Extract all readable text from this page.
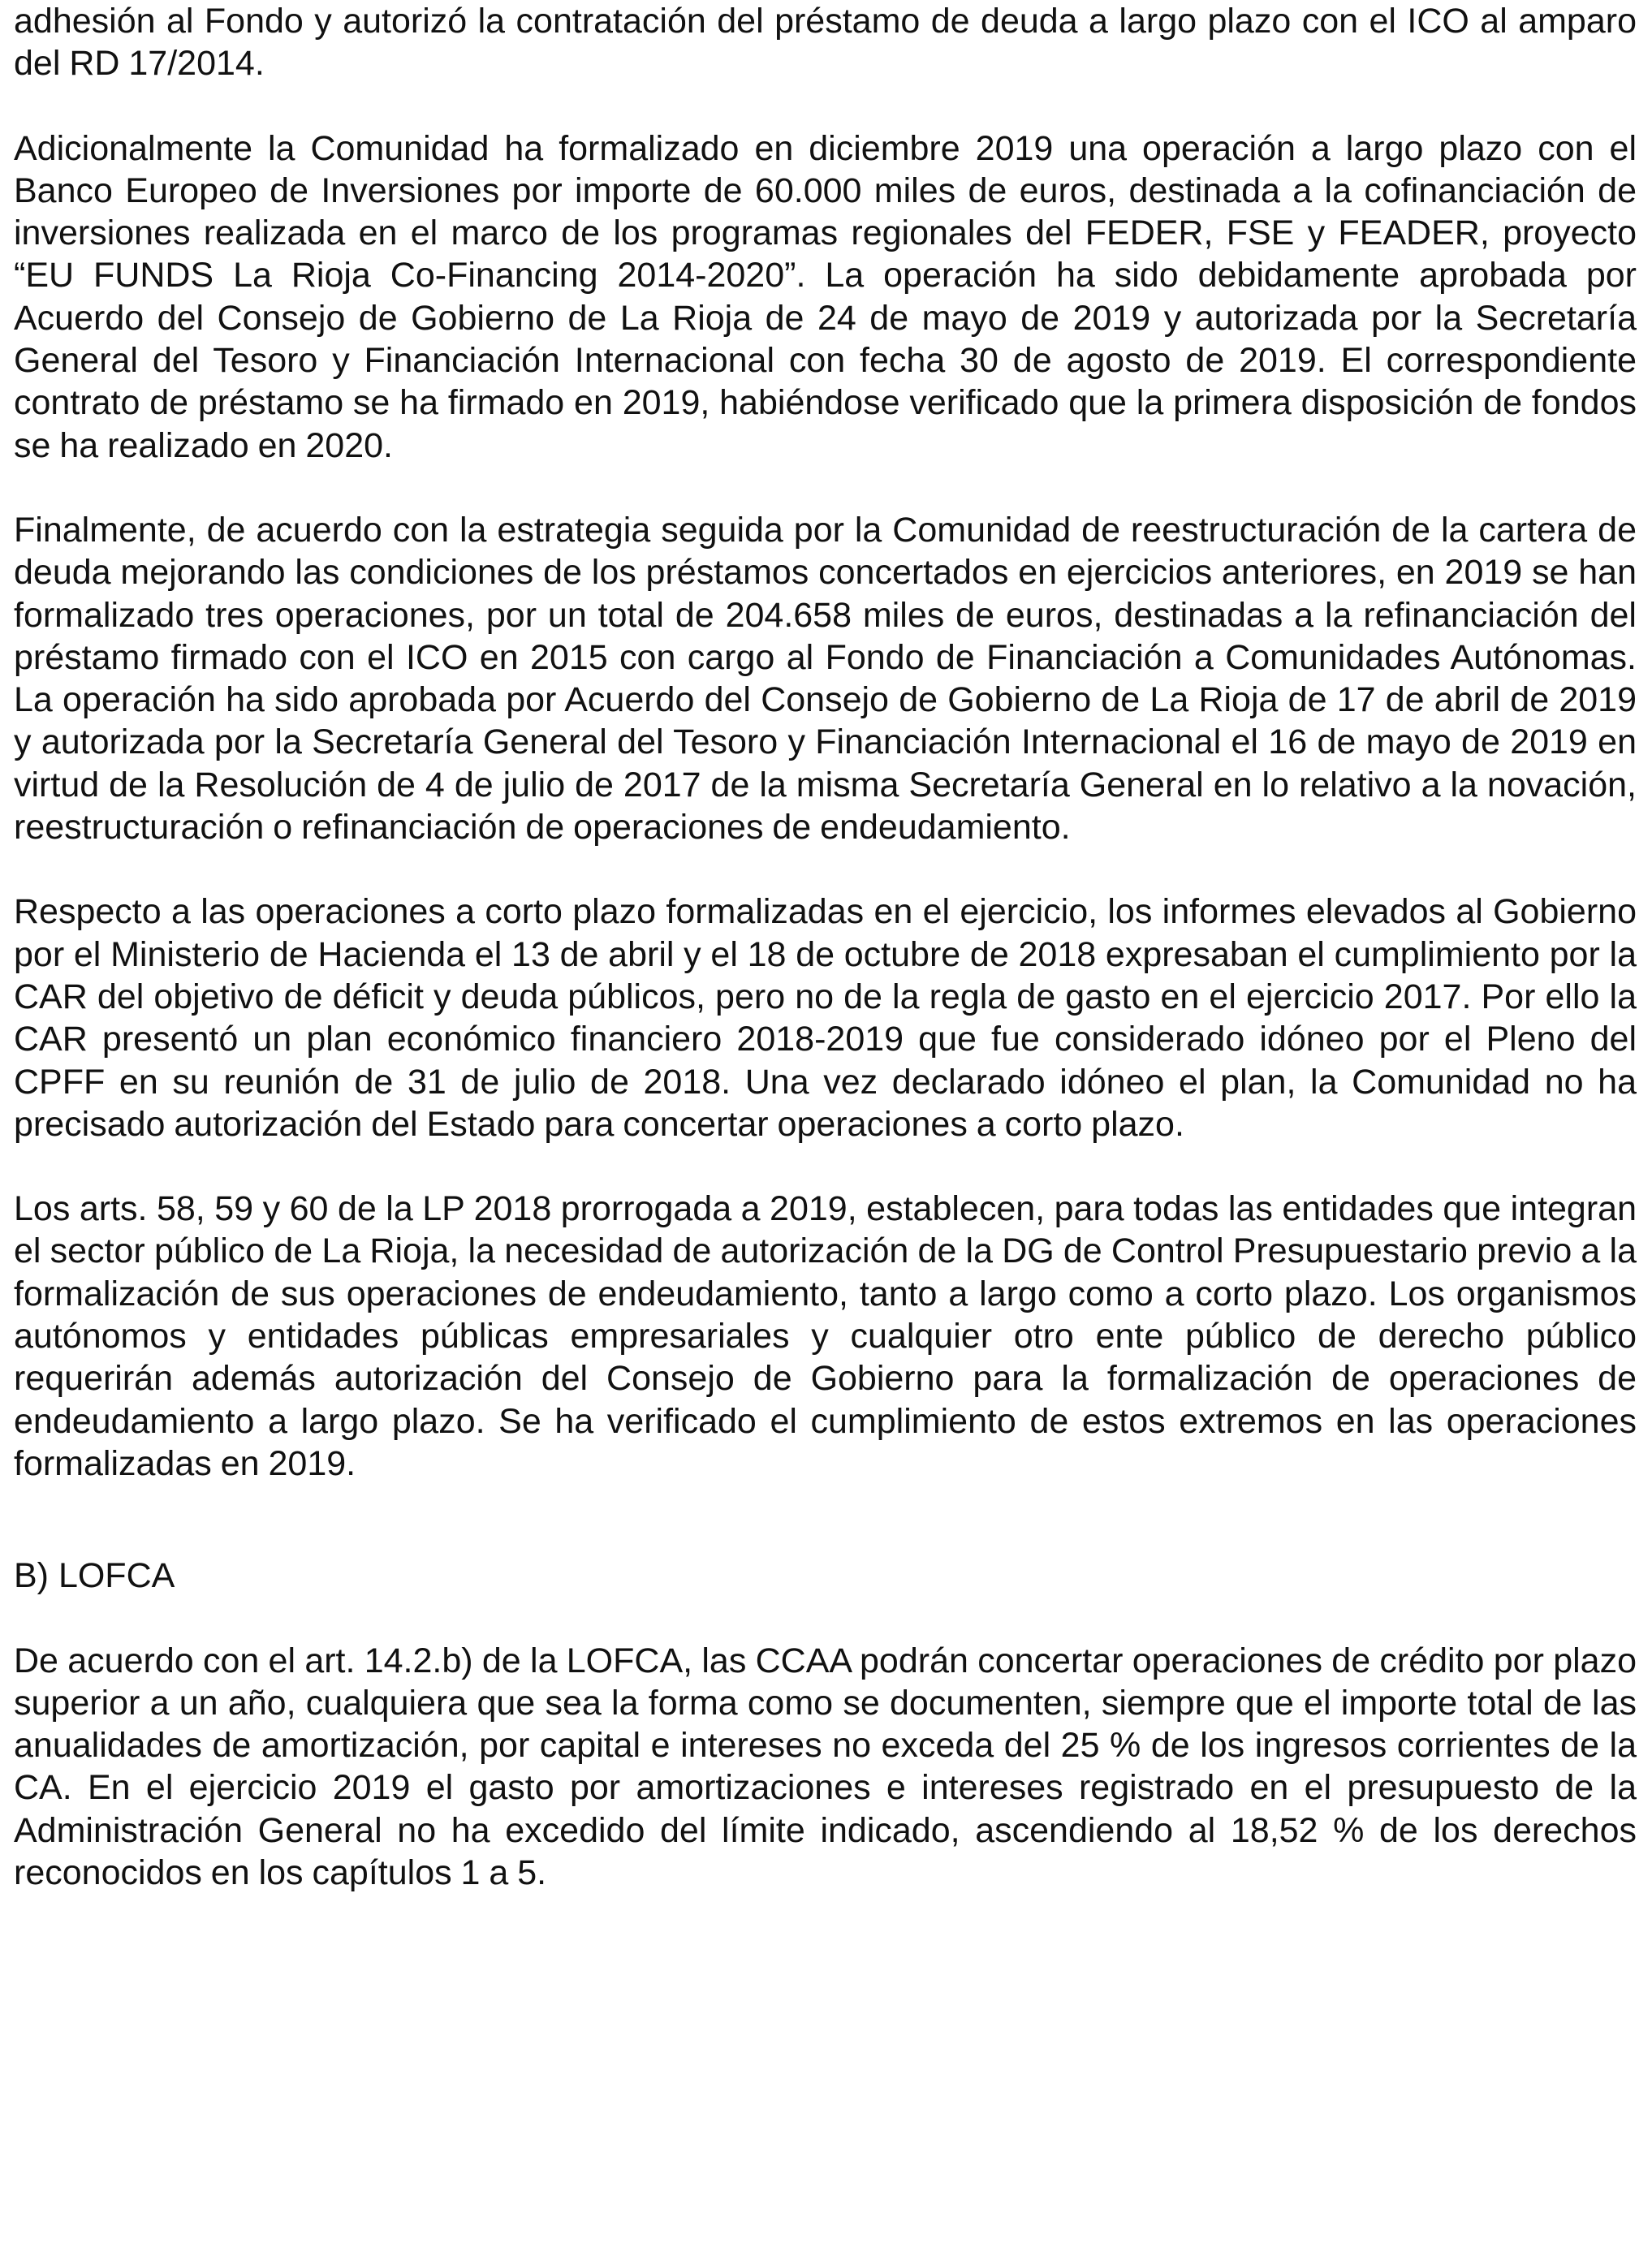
adhesión al Fondo y autorizó la contratación del préstamo de deuda a largo plazo con el ICO al amparo del RD 17/2014.

Adicionalmente la Comunidad ha formalizado en diciembre 2019 una operación a largo plazo con el Banco Europeo de Inversiones por importe de 60.000 miles de euros, destinada a la cofinanciación de inversiones realizada en el marco de los programas regionales del FEDER, FSE y FEADER, proyecto “EU FUNDS La Rioja Co-Financing 2014-2020”. La operación ha sido debidamente aprobada por Acuerdo del Consejo de Gobierno de La Rioja de 24 de mayo de 2019 y autorizada por la Secretaría General del Tesoro y Financiación Internacional con fecha 30 de agosto de 2019. El correspondiente contrato de préstamo se ha firmado en 2019, habiéndose verificado que la primera disposición de fondos se ha realizado en 2020.

Finalmente, de acuerdo con la estrategia seguida por la Comunidad de reestructuración de la cartera de deuda mejorando las condiciones de los préstamos concertados en ejercicios anteriores, en 2019 se han formalizado tres operaciones, por un total de 204.658 miles de euros, destinadas a la refinanciación del préstamo firmado con el ICO en 2015 con cargo al Fondo de Financiación a Comunidades Autónomas. La operación ha sido aprobada por Acuerdo del Consejo de Gobierno de La Rioja de 17 de abril de 2019 y autorizada por la Secretaría General del Tesoro y Financiación Internacional el 16 de mayo de 2019 en virtud de la Resolución de 4 de julio de 2017 de la misma Secretaría General en lo relativo a la novación, reestructuración o refinanciación de operaciones de endeudamiento.

Respecto a las operaciones a corto plazo formalizadas en el ejercicio, los informes elevados al Gobierno por el Ministerio de Hacienda el 13 de abril y el 18 de octubre de 2018 expresaban el cumplimiento por la CAR del objetivo de déficit y deuda públicos, pero no de la regla de gasto en el ejercicio 2017. Por ello la CAR presentó un plan económico financiero 2018-2019 que fue considerado idóneo por el Pleno del CPFF en su reunión de 31 de julio de 2018. Una vez declarado idóneo el plan, la Comunidad no ha precisado autorización del Estado para concertar operaciones a corto plazo.

Los arts. 58, 59 y 60 de la LP 2018 prorrogada a 2019, establecen, para todas las entidades que integran el sector público de La Rioja, la necesidad de autorización de la DG de Control Presupuestario previo a la formalización de sus operaciones de endeudamiento, tanto a largo como a corto plazo. Los organismos autónomos y entidades públicas empresariales y cualquier otro ente público de derecho público requerirán además autorización del Consejo de Gobierno para la formalización de operaciones de endeudamiento a largo plazo. Se ha verificado el cumplimiento de estos extremos en las operaciones formalizadas en 2019.

B) LOFCA

De acuerdo con el art. 14.2.b) de la LOFCA, las CCAA podrán concertar operaciones de crédito por plazo superior a un año, cualquiera que sea la forma como se documenten, siempre que el importe total de las anualidades de amortización, por capital e intereses no exceda del 25 % de los ingresos corrientes de la CA. En el ejercicio 2019 el gasto por amortizaciones e intereses registrado en el presupuesto de la Administración General no ha excedido del límite indicado, ascendiendo al 18,52 % de los derechos reconocidos en los capítulos 1 a 5.
